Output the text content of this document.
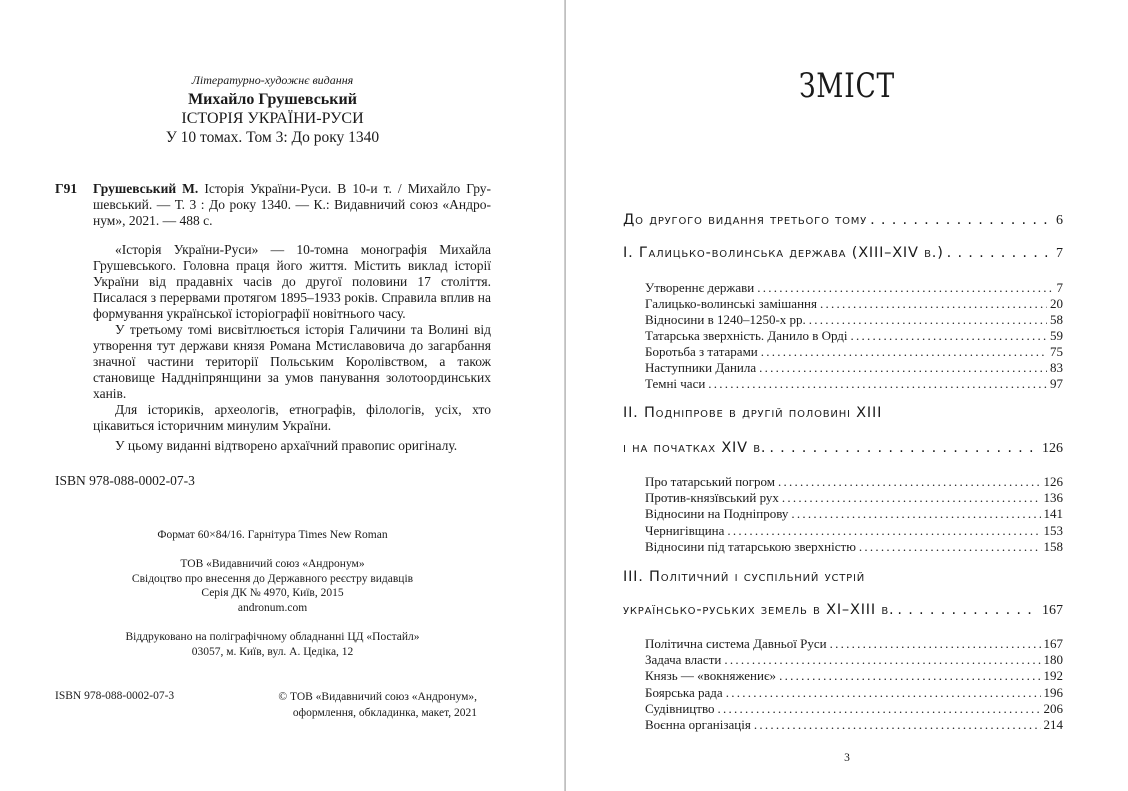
Літературно-художнє видання
Михайло Грушевський
ІСТОРІЯ УКРАЇНИ-РУСИ
У 10 томах. Том 3: До року 1340
Г91 Грушевський М. Історія України-Руси. В 10-и т. / Михайло Гру-шевський. — Т. 3 : До року 1340. — К.: Видавничий союз «Андро-нум», 2021. — 488 с.

«Історія України-Руси» — 10-томна монографія Михайла Грушевського. Головна праця його життя. Містить виклад історії України від прадавніх часів до другої половини 17 століття. Писалася з перервами протягом 1895–1933 років. Справила вплив на формування української історіографії новітнього часу.

У третьому томі висвітлюється історія Галичини та Волині від утворення тут держави князя Романа Мстиславовича до загарбання значної частини території Польським Королівством, а також становище Наддніпрянщини за умов панування золотоординських ханів.

Для істориків, археологів, етнографів, філологів, усіх, хто цікавиться історичним минулим України.

У цьому виданні відтворено архаїчний правопис оригіналу.
ISBN 978-088-0002-07-3
Формат 60×84/16. Гарнітура Times New Roman
ТОВ «Видавничий союз «Андронум»
Свідоцтво про внесення до Державного реєстру видавців
Серія ДК № 4970, Київ, 2015
andronum.com
Віддруковано на поліграфічному обладнанні ЦД «Постайл»
03057, м. Київ, вул. А. Цедіка, 12
ISBN 978-088-0002-07-3	© ТОВ «Видавничий союз «Андронум»,
оформлення, обкладинка, макет, 2021
ЗМІСТ
До другого видання третього тому . . .	6
І. Галицько-волинська держава (ХІІІ–XIV в.) . . .	7
Утвореннє держави . . .	7
Галицько-волинські замішання . . .	20
Відносини в 1240–1250-х рр. . . .	58
Татарська зверхність. Данило в Орді . . .	59
Боротьба з татарами . . .	75
Наступники Данила . . .	83
Темні часи . . .	97
ІІ. Подніпрове в другій половині ХІІІ
і на початках XIV в. . . .	126
Про татарський погром . . .	126
Против-князївський рух . . .	136
Відносини на Подніпрову . . .	141
Чернигівщина . . .	153
Відносини під татарською зверхністю . . .	158
ІІІ. Політичний і суспільний устрій
українсько-руських земель в ХІ–ХІІІ в. . . .	167
Політична система Давньої Руси . . .	167
Задача власти . . .	180
Князь — «вокняжениє» . . .	192
Боярська рада . . .	196
Судівництво . . .	206
Воєнна організація . . .	214
3
